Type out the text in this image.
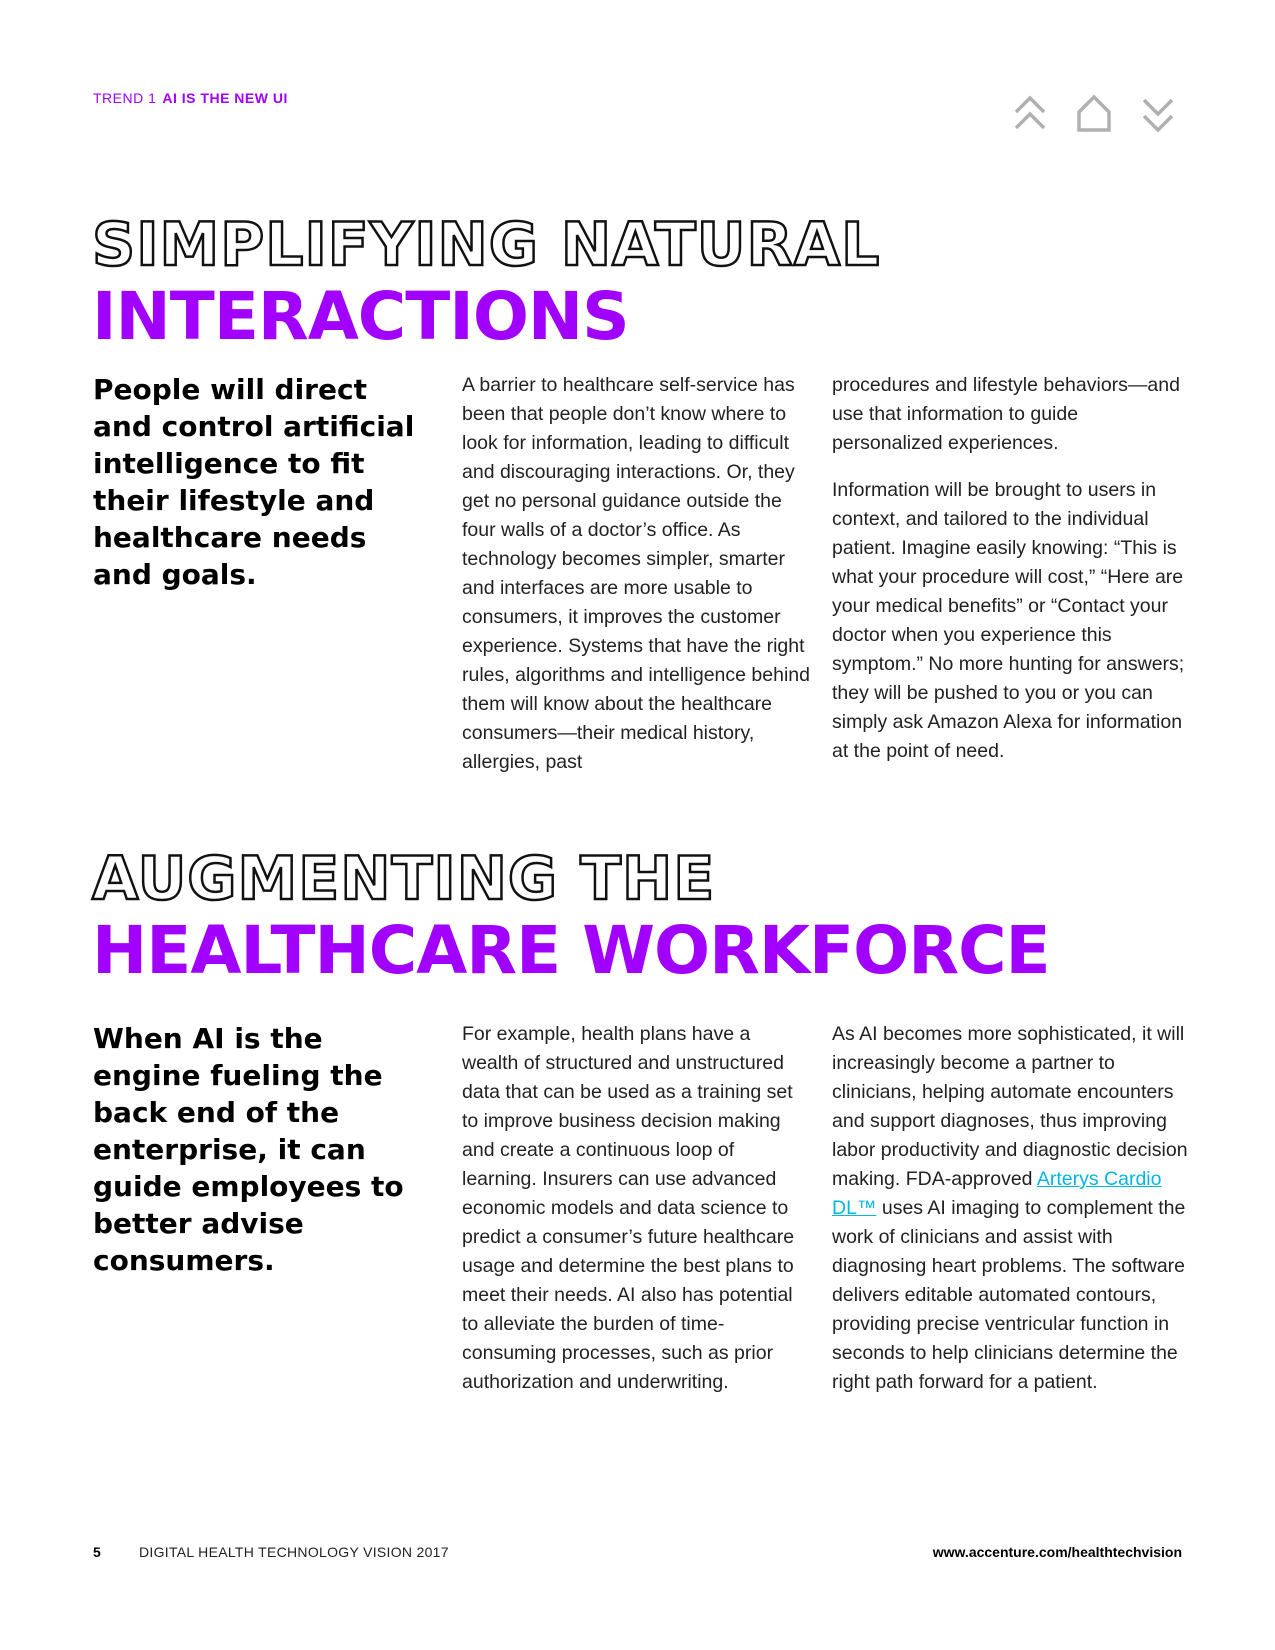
TREND 1 AI IS THE NEW UI
SIMPLIFYING NATURAL
INTERACTIONS

People will direct and control artificial intelligence to fit their lifestyle and healthcare needs and goals.

A barrier to healthcare self-service has been that people don’t know where to look for information, leading to difficult and discouraging interactions. Or, they get no personal guidance outside the four walls of a doctor’s office. As technology becomes simpler, smarter and interfaces are more usable to consumers, it improves the customer experience. Systems that have the right rules, algorithms and intelligence behind them will know about the healthcare consumers—their medical history, allergies, past

procedures and lifestyle behaviors—and use that information to guide personalized experiences.

Information will be brought to users in context, and tailored to the individual patient. Imagine easily knowing: “This is what your procedure will cost,” “Here are your medical benefits” or “Contact your doctor when you experience this symptom.” No more hunting for answers; they will be pushed to you or you can simply ask Amazon Alexa for information at the point of need.

AUGMENTING THE
HEALTHCARE WORKFORCE

When AI is the engine fueling the back end of the enterprise, it can guide employees to better advise consumers.

For example, health plans have a wealth of structured and unstructured data that can be used as a training set to improve business decision making and create a continuous loop of learning. Insurers can use advanced economic models and data science to predict a consumer’s future healthcare usage and determine the best plans to meet their needs. AI also has potential to alleviate the burden of time-consuming processes, such as prior authorization and underwriting.

As AI becomes more sophisticated, it will increasingly become a partner to clinicians, helping automate encounters and support diagnoses, thus improving labor productivity and diagnostic decision making. FDA-approved Arterys Cardio DL™ uses AI imaging to complement the work of clinicians and assist with diagnosing heart problems. The software delivers editable automated contours, providing precise ventricular function in seconds to help clinicians determine the right path forward for a patient.

5	DIGITAL HEALTH TECHNOLOGY VISION 2017	www.accenture.com/healthtechvision
